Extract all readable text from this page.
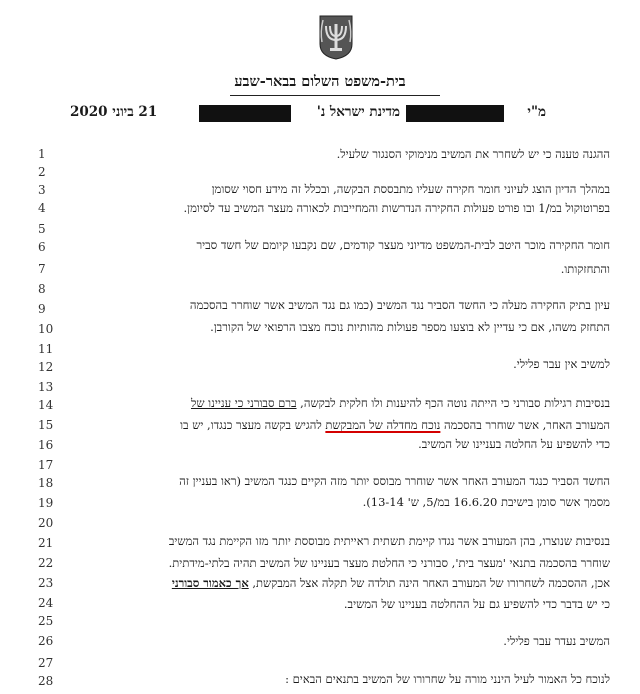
בית-משפט השלום בבאר-שבע
מ"י
מדינת ישראל נ'
21 ביוני 2020
1
2
3
4
5
6
7
8
9
10
11
12
13
14
15
16
17
18
19
20
21
22
23
24
25
26
27
28
ההגנה טענה כי יש לשחרר את המשיב מנימוקי הסנגור שלעיל.
במהלך הדיון הוצג לעיוני חומר חקירה שעליו מתבססת הבקשה, ובכלל זה מידע חסוי שסומן
בפרוטוקול במ/1 ובו פורט פעולות החקירה הנדרשות והמחייבות לכאורה מעצר המשיב עד לסיומן.
חומר החקירה מוכר היטב לבית-המשפט מדיוני מעצר קודמים, שם נקבעו קיומם של חשד סביר
והתחזקותו.
עיון בתיק החקירה מעלה כי החשד הסביר נגד המשיב (כמו גם נגד המשיב אשר שוחרר בהסכמה
התחזק משהו, אם כי עדיין לא בוצעו מספר פעולות מהותיות נוכח מצבו הרפואי של הקורבן.
למשיב אין עבר פלילי.
בנסיבות רגילות סבורני כי הייתה נוטה הכף להיענות ולו חלקית לבקשה, ברם סבורני כי עניינו של
המעורב האחר, אשר שוחרר בהסכמה נוכח מחדלה של המבקשת להגיש בקשה מעצר כנגדו, יש בו
כדי להשפיע על החלטה בעניינו של המשיב.
החשד הסביר כנגד המעורב האחר אשר שוחרר מבוסס יותר מזה הקיים כנגד המשיב (ראו בעניין זה
מסמך אשר סומן בישיבת 16.6.20 במ/5, ש' 13-14).
בנסיבות שנוצרו, בהן המעורב אשר נגדו קיימת תשתית ראייתית מבוססת יותר מזו הקיימת נגד המשיב
שוחרר בהסכמה בתנאי 'מעצר בית', סבורני כי החלטת מעצר בעניינו של המשיב תהיה בלתי-מידתית.
אכן, ההסכמה לשחרורו של המעורב האחר הינה תולדה של תקלה אצל המבקשת, אך כאמור סבורני
כי יש בדבר כדי להשפיע גם על ההחלטה בעניינו של המשיב.
המשיב נעדר עבר פלילי.
לנוכח כל האמור לעיל הינני מורה על שחרורו של המשיב בתנאים הבאים :
